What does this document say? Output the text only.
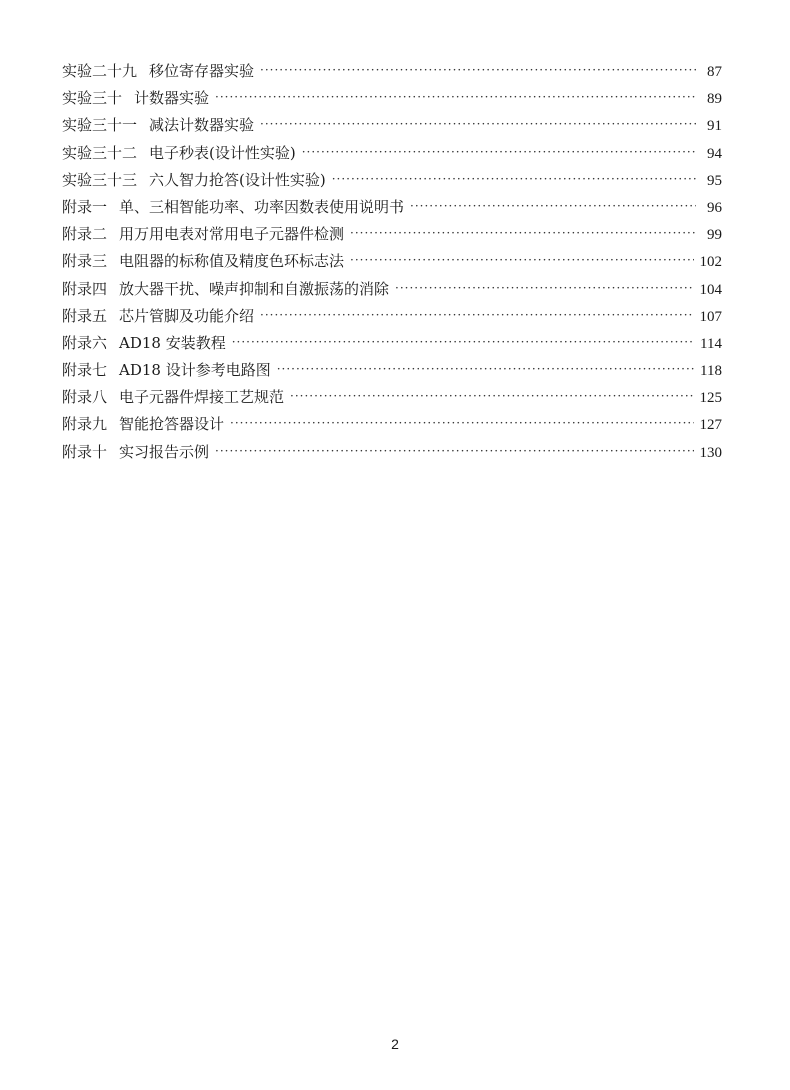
实验二十九 移位寄存器实验 ·····	87
实验三十 计数器实验 ·····	89
实验三十一 减法计数器实验 ·····	91
实验三十二 电子秒表(设计性实验) ·····	94
实验三十三 六人智力抢答(设计性实验) ·····	95
附录一 单、三相智能功率、功率因数表使用说明书 ·····	96
附录二 用万用电表对常用电子元器件检测 ·····	99
附录三 电阻器的标称值及精度色环标志法 ·····	102
附录四 放大器干扰、噪声抑制和自激振荡的消除 ·····	104
附录五 芯片管脚及功能介绍 ·····	107
附录六 AD18 安装教程 ·····	114
附录七 AD18 设计参考电路图 ·····	118
附录八 电子元器件焊接工艺规范 ·····	125
附录九 智能抢答器设计 ·····	127
附录十 实习报告示例 ·····	130
2
